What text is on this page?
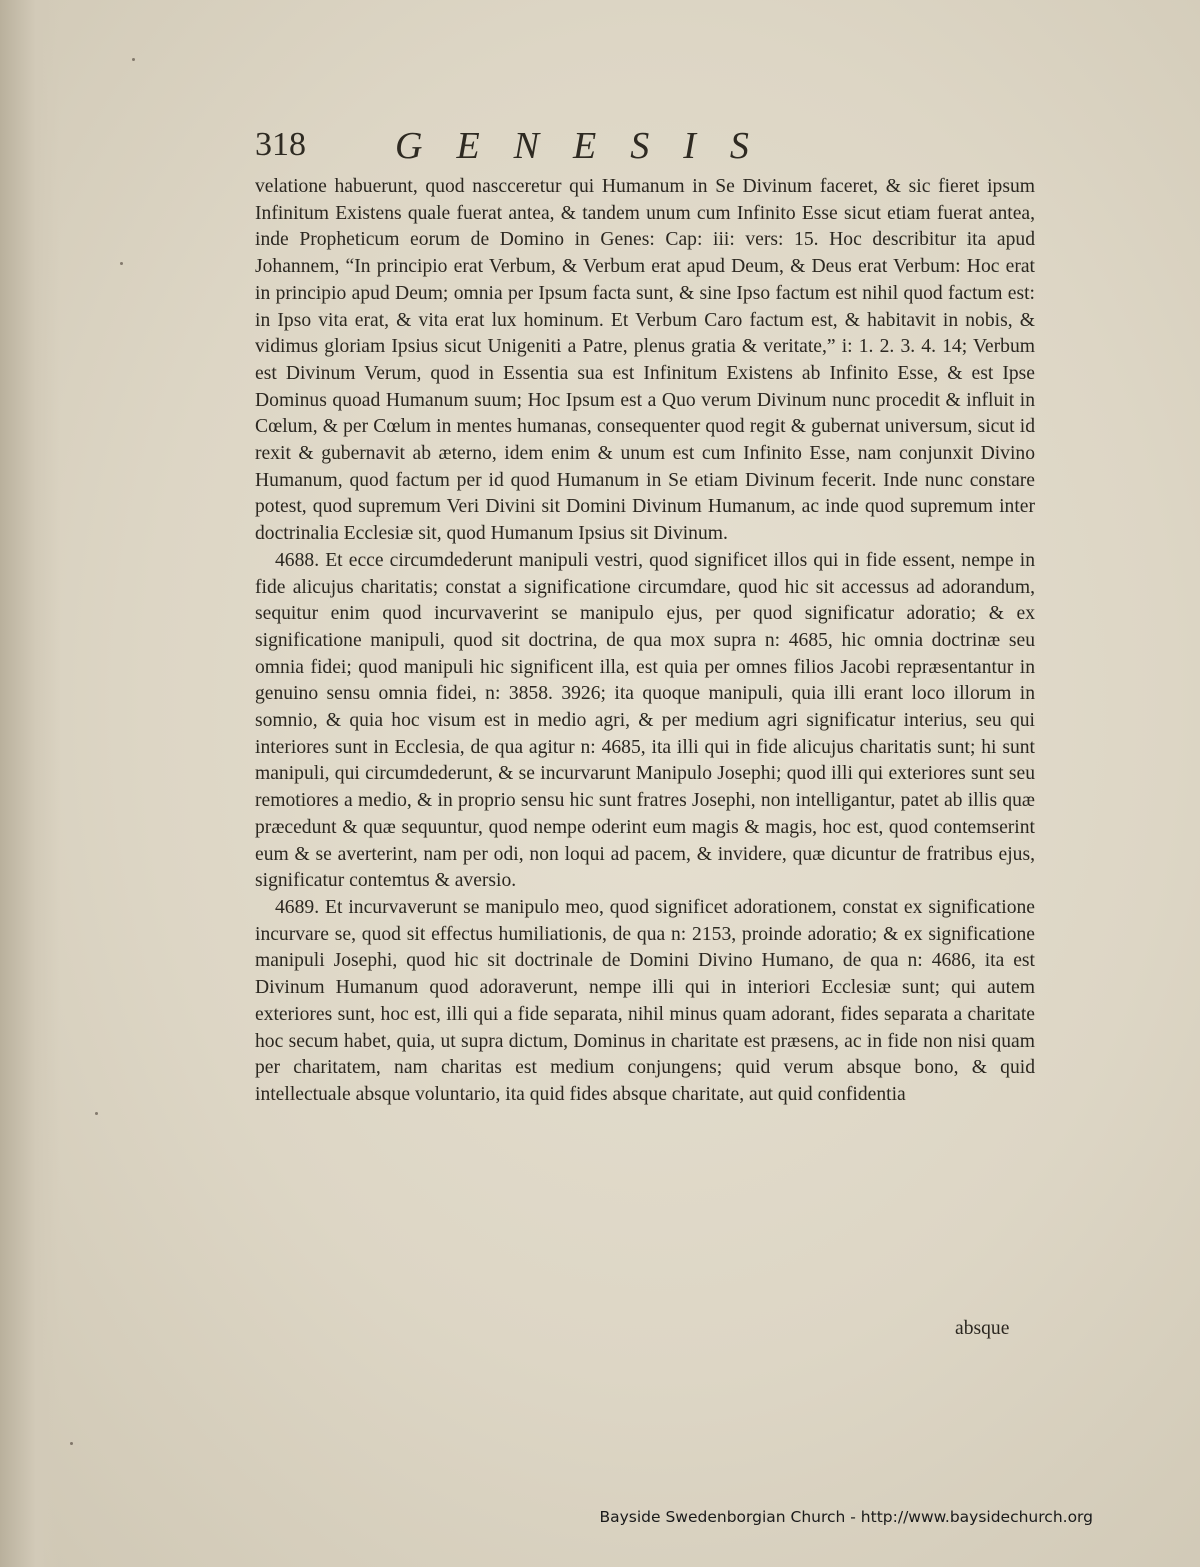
318 GENESIS

velatione habuerunt, quod nascceretur qui Humanum in Se Divinum faceret, & sic fieret ipsum Infinitum Existens quale fuerat antea, & tandem unum cum Infinito Esse sicut etiam fuerat antea, inde Propheticum eorum de Domino in Genes: Cap: iii: vers: 15. Hoc describitur ita apud Johannem, “In principio erat Verbum, & Verbum erat apud Deum, & Deus erat Verbum: Hoc erat in principio apud Deum; omnia per Ipsum facta sunt, & sine Ipso factum est nihil quod factum est: in Ipso vita erat, & vita erat lux hominum. Et Verbum Caro factum est, & habitavit in nobis, & vidimus gloriam Ipsius sicut Unigeniti a Patre, plenus gratia & veritate,” i: 1. 2. 3. 4. 14; Verbum est Divinum Verum, quod in Essentia sua est Infinitum Existens ab Infinito Esse, & est Ipse Dominus quoad Humanum suum; Hoc Ipsum est a Quo verum Divinum nunc procedit & influit in Cœlum, & per Cœlum in mentes humanas, consequenter quod regit & gubernat universum, sicut id rexit & gubernavit ab æterno, idem enim & unum est cum Infinito Esse, nam conjunxit Divino Humanum, quod factum per id quod Humanum in Se etiam Divinum fecerit. Inde nunc constare potest, quod supremum Veri Divini sit Domini Divinum Humanum, ac inde quod supremum inter doctrinalia Ecclesiæ sit, quod Humanum Ipsius sit Divinum.

4688. Et ecce circumdederunt manipuli vestri, quod significet illos qui in fide essent, nempe in fide alicujus charitatis; constat a significatione circumdare, quod hic sit accessus ad adorandum, sequitur enim quod incurvaverint se manipulo ejus, per quod significatur adoratio; & ex significatione manipuli, quod sit doctrina, de qua mox supra n: 4685, hic omnia doctrinæ seu omnia fidei; quod manipuli hic significent illa, est quia per omnes filios Jacobi repræsentantur in genuino sensu omnia fidei, n: 3858. 3926; ita quoque manipuli, quia illi erant loco illorum in somnio, & quia hoc visum est in medio agri, & per medium agri significatur interius, seu qui interiores sunt in Ecclesia, de qua agitur n: 4685, ita illi qui in fide alicujus charitatis sunt; hi sunt manipuli, qui circumdederunt, & se incurvarunt Manipulo Josephi; quod illi qui exteriores sunt seu remotiores a medio, & in proprio sensu hic sunt fratres Josephi, non intelligantur, patet ab illis quæ præcedunt & quæ sequuntur, quod nempe oderint eum magis & magis, hoc est, quod contemserint eum & se averterint, nam per odi, non loqui ad pacem, & invidere, quæ dicuntur de fratribus ejus, significatur contemtus & aversio.

4689. Et incurvaverunt se manipulo meo, quod significet adorationem, constat ex significatione incurvare se, quod sit effectus humiliationis, de qua n: 2153, proinde adoratio; & ex significatione manipuli Josephi, quod hic sit doctrinale de Domini Divino Humano, de qua n: 4686, ita est Divinum Humanum quod adoraverunt, nempe illi qui in interiori Ecclesiæ sunt; qui autem exteriores sunt, hoc est, illi qui a fide separata, nihil minus quam adorant, fides separata a charitate hoc secum habet, quia, ut supra dictum, Dominus in charitate est præsens, ac in fide non nisi quam per charitatem, nam charitas est medium conjungens; quid verum absque bono, & quid intellectuale absque voluntario, ita quid fides absque charitate, aut quid confidentia

absque
Bayside Swedenborgian Church - http://www.baysidechurch.org
